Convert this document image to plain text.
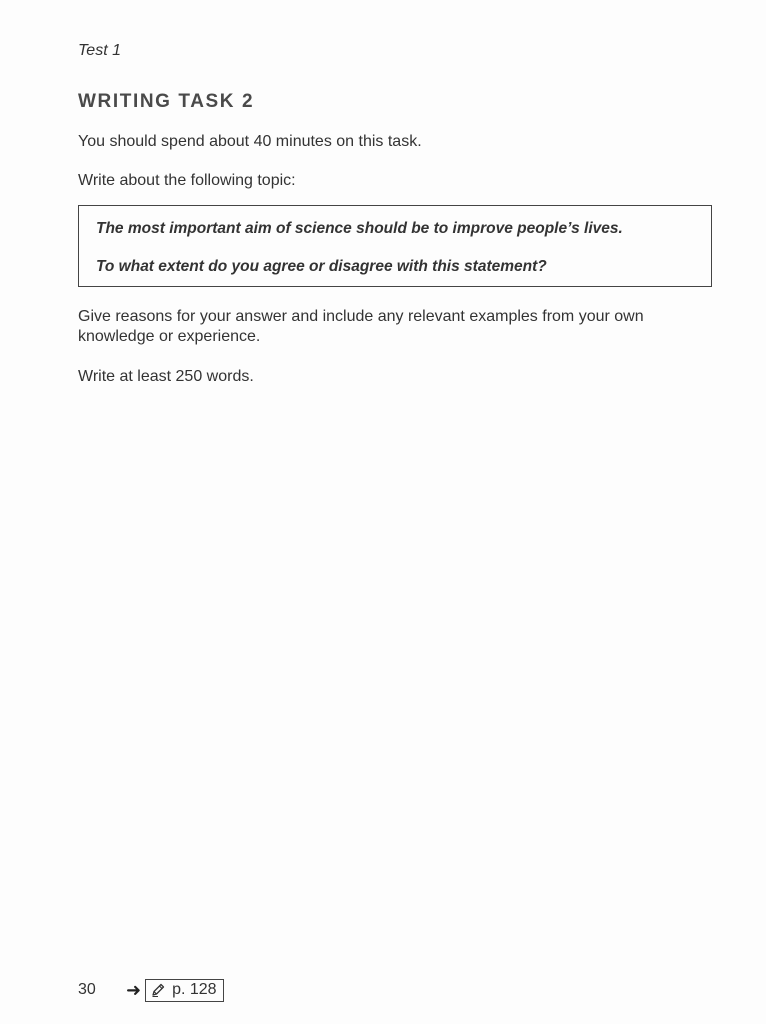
Test 1
WRITING TASK 2
You should spend about 40 minutes on this task.
Write about the following topic:
The most important aim of science should be to improve people’s lives.
To what extent do you agree or disagree with this statement?
Give reasons for your answer and include any relevant examples from your own knowledge or experience.
Write at least 250 words.
30	➜ p. 128
